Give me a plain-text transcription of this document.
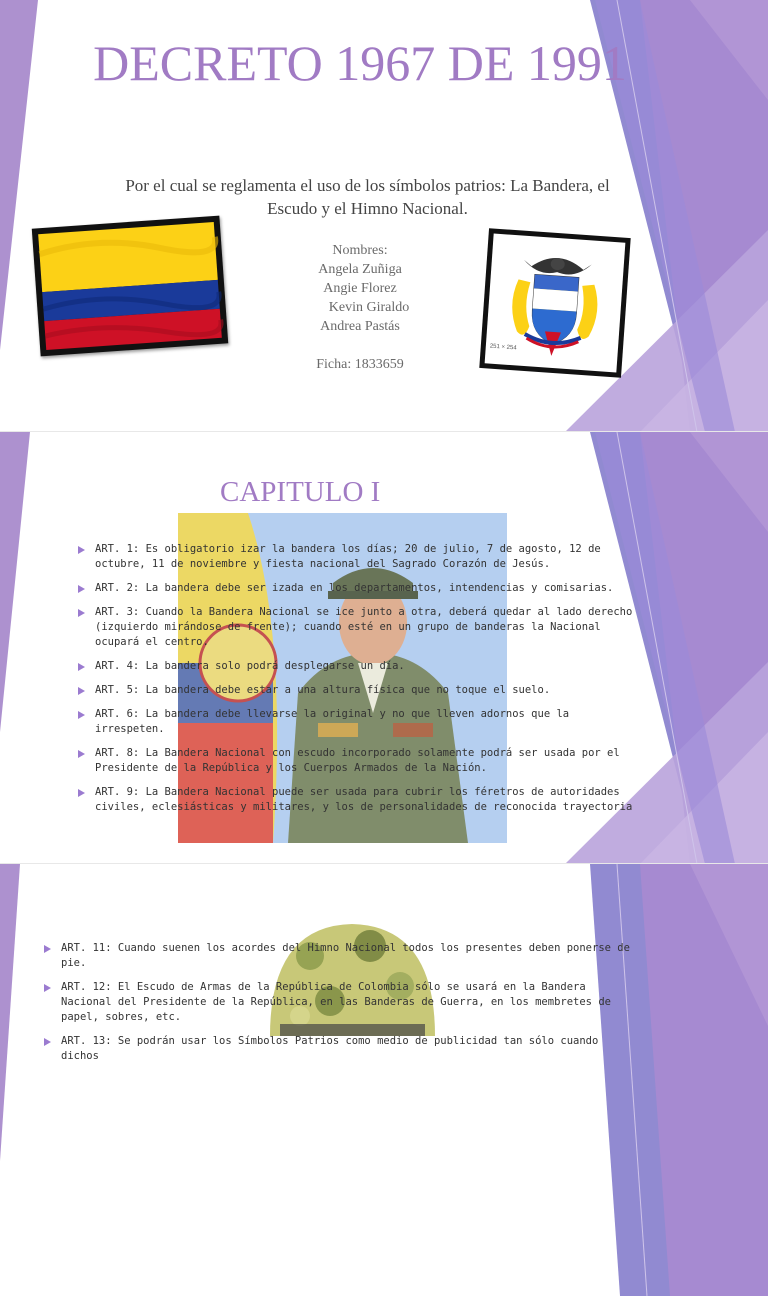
DECRETO 1967 DE 1991

Por el cual se reglamenta el uso de los símbolos patrios: La Bandera, el Escudo y el Himno Nacional.

Nombres:
Angela Zuñiga
Angie Florez
Kevin Giraldo
Andrea Pastás
Ficha: 1833659
251 × 254
CAPITULO I
ART. 1: Es obligatorio izar la bandera los días; 20 de julio, 7 de agosto, 12 de octubre, 11 de noviembre y fiesta nacional del Sagrado Corazón de Jesús.
ART. 2: La bandera debe ser izada en los departamentos, intendencias y comisarias.
ART. 3: Cuando la Bandera Nacional se ice junto a otra, deberá quedar al lado derecho (izquierdo mirándose de frente); cuando esté en un grupo de banderas la Nacional ocupará el centro.
ART. 4: La bandera solo podrá desplegarse un día.
ART. 5: La bandera debe estar a una altura física que no toque el suelo.
ART. 6: La bandera debe llevarse la original y no que lleven adornos que la irrespeten.
ART. 8: La Bandera Nacional con escudo incorporado solamente podrá ser usada por el Presidente de la República y los Cuerpos Armados de la Nación.
ART. 9: La Bandera Nacional puede ser usada para cubrir los féretros de autoridades civiles, eclesiásticas y militares, y los de personalidades de reconocida trayectoria
ART. 11: Cuando suenen los acordes del Himno Nacional todos los presentes deben ponerse de pie.
ART. 12: El Escudo de Armas de la República de Colombia sólo se usará en la Bandera Nacional del Presidente de la República, en las Banderas de Guerra, en los membretes de papel, sobres, etc.
ART. 13: Se podrán usar los Símbolos Patrios como medio de publicidad tan sólo cuando dichos
